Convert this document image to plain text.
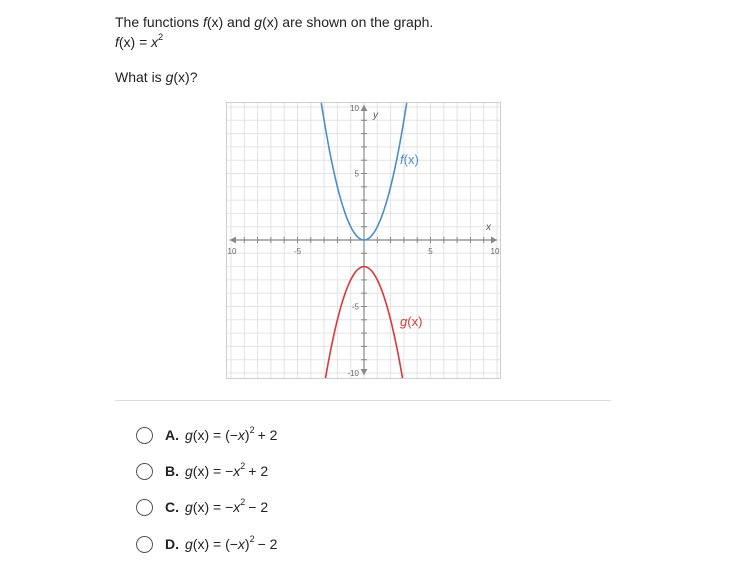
The functions f(x) and g(x) are shown on the graph.
$f(x) = x^2$
What is g(x)?
10	-5	5	10
10
5
-5
-10
x
y
f(x)
g(x)
A. $g(x) = (-x)^2 + 2$
B. $g(x) = -x^2 + 2$
C. $g(x) = -x^2 - 2$
D. $g(x) = (-x)^2 - 2$
